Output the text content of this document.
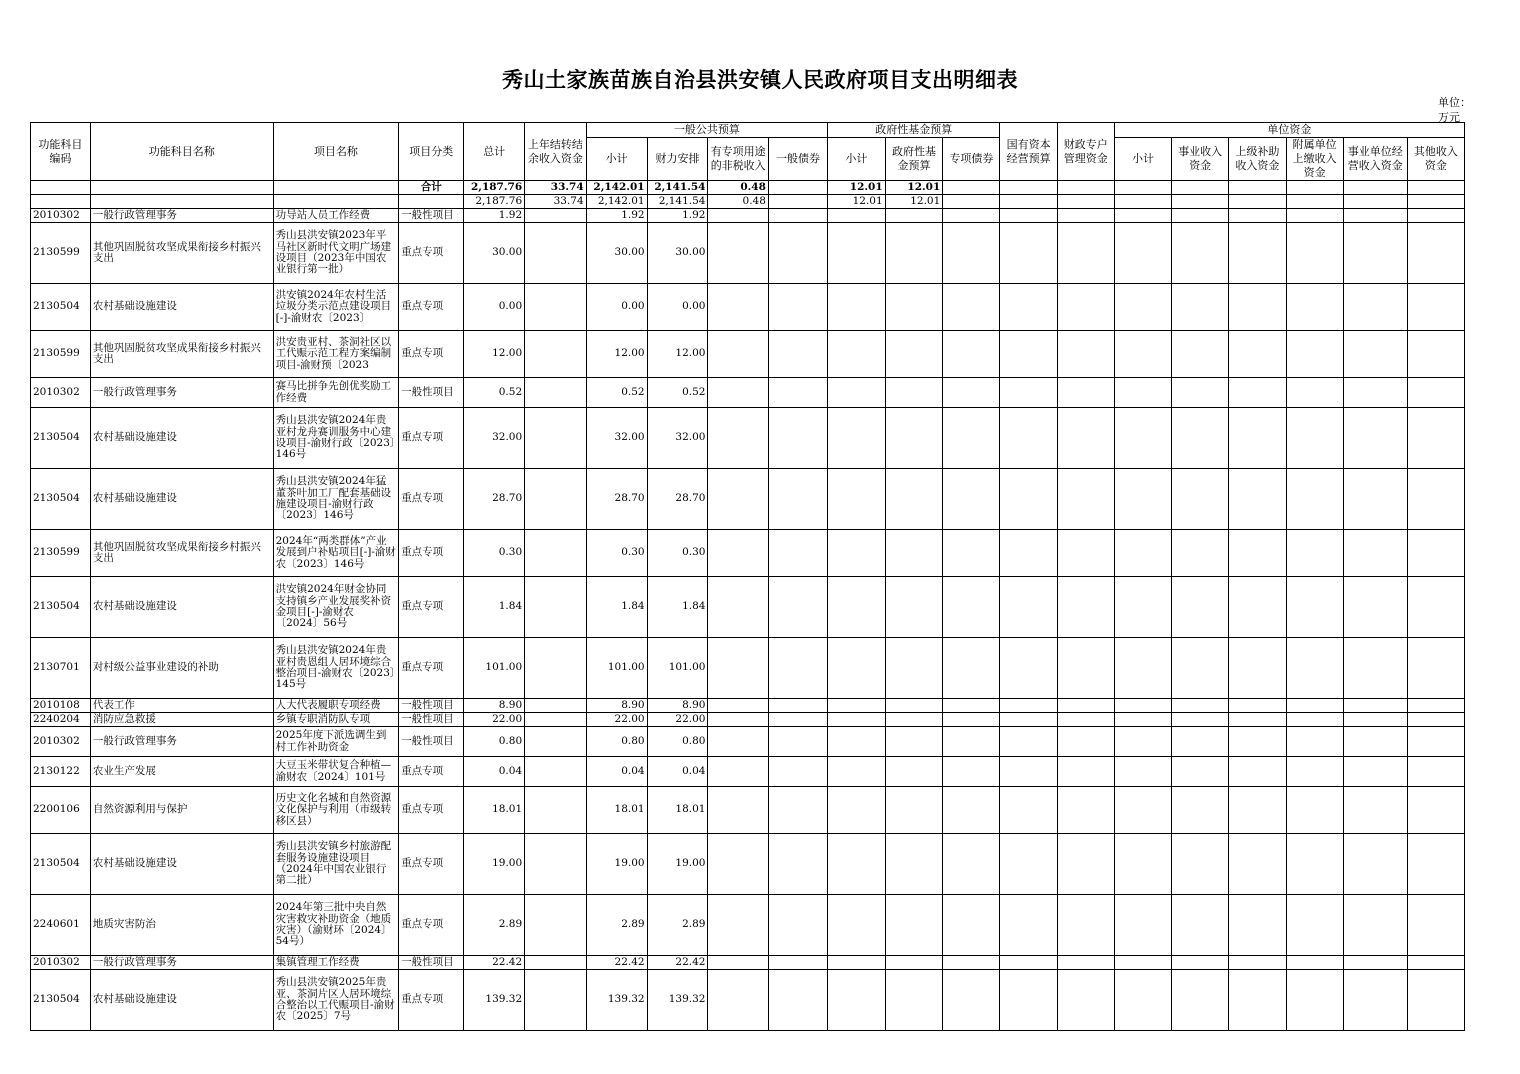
秀山土家族苗族自治县洪安镇人民政府项目支出明细表
单位：万元
功能科目编码	功能科目名称	项目名称	项目分类	总计	上年结转结余收入资金	一般公共预算				政府性基金预算			国有资本经营预算	财政专户管理资金	单位资金					
						小计	财力安排	有专项用途的非税收入	一般债券	小计	政府性基金预算	专项债券			小计	事业收入资金	上级补助收入资金	附属单位上缴收入资金	事业单位经营收入资金	其他收入资金
			合计	2,187.76	33.74	2,142.01	2,141.54	0.48		12.01	12.01									
				2,187.76	33.74	2,142.01	2,141.54	0.48		12.01	12.01									
2010302	一般行政管理事务	功导站人员工作经费	一般性项目	1.92		1.92	1.92													
2130599	其他巩固脱贫攻坚成果衔接乡村振兴支出	秀山县洪安镇2023年平马社区新时代文明广场建设项目（2023年中国农业银行第一批）	重点专项	30.00		30.00	30.00													
2130504	农村基础设施建设	洪安镇2024年农村生活垃圾分类示范点建设项目[-]-渝财农〔2023〕	重点专项	0.00		0.00	0.00													
2130599	其他巩固脱贫攻坚成果衔接乡村振兴支出	洪安贵亚村、茶洞社区以工代赈示范工程方案编制项目-渝财预〔2023	重点专项	12.00		12.00	12.00													
2010302	一般行政管理事务	赛马比拼争先创优奖励工作经费	一般性项目	0.52		0.52	0.52													
2130504	农村基础设施建设	秀山县洪安镇2024年贵亚村龙舟赛训服务中心建设项目-渝财行政〔2023〕146号	重点专项	32.00		32.00	32.00													
2130504	农村基础设施建设	秀山县洪安镇2024年猛董茶叶加工厂配套基础设施建设项目-渝财行政〔2023〕146号	重点专项	28.70		28.70	28.70													
2130599	其他巩固脱贫攻坚成果衔接乡村振兴支出	2024年“两类群体”产业发展到户补贴项目[-]-渝财农〔2023〕146号	重点专项	0.30		0.30	0.30													
2130504	农村基础设施建设	洪安镇2024年财金协同支持镇乡产业发展奖补资金项目[-]-渝财农〔2024〕56号	重点专项	1.84		1.84	1.84													
2130701	对村级公益事业建设的补助	秀山县洪安镇2024年贵亚村贵恩组人居环境综合整治项目-渝财农〔2023〕145号	重点专项	101.00		101.00	101.00													
2010108	代表工作	人大代表履职专项经费	一般性项目	8.90		8.90	8.90													
2240204	消防应急救援	乡镇专职消防队专项	一般性项目	22.00		22.00	22.00													
2010302	一般行政管理事务	2025年度下派选调生到村工作补助资金	一般性项目	0.80		0.80	0.80													
2130122	农业生产发展	大豆玉米带状复合种植—渝财农〔2024〕101号	重点专项	0.04		0.04	0.04													
2200106	自然资源利用与保护	历史文化名城和自然资源文化保护与利用（市级转移区县）	重点专项	18.01		18.01	18.01													
2130504	农村基础设施建设	秀山县洪安镇乡村旅游配套服务设施建设项目（2024年中国农业银行第二批）	重点专项	19.00		19.00	19.00													
2240601	地质灾害防治	2024年第三批中央自然灾害救灾补助资金（地质灾害）（渝财环〔2024〕54号）	重点专项	2.89		2.89	2.89													
2010302	一般行政管理事务	集镇管理工作经费	一般性项目	22.42		22.42	22.42													
2130504	农村基础设施建设	秀山县洪安镇2025年贵亚、茶洞片区人居环境综合整治以工代赈项目-渝财农〔2025〕7号	重点专项	139.32		139.32	139.32													
